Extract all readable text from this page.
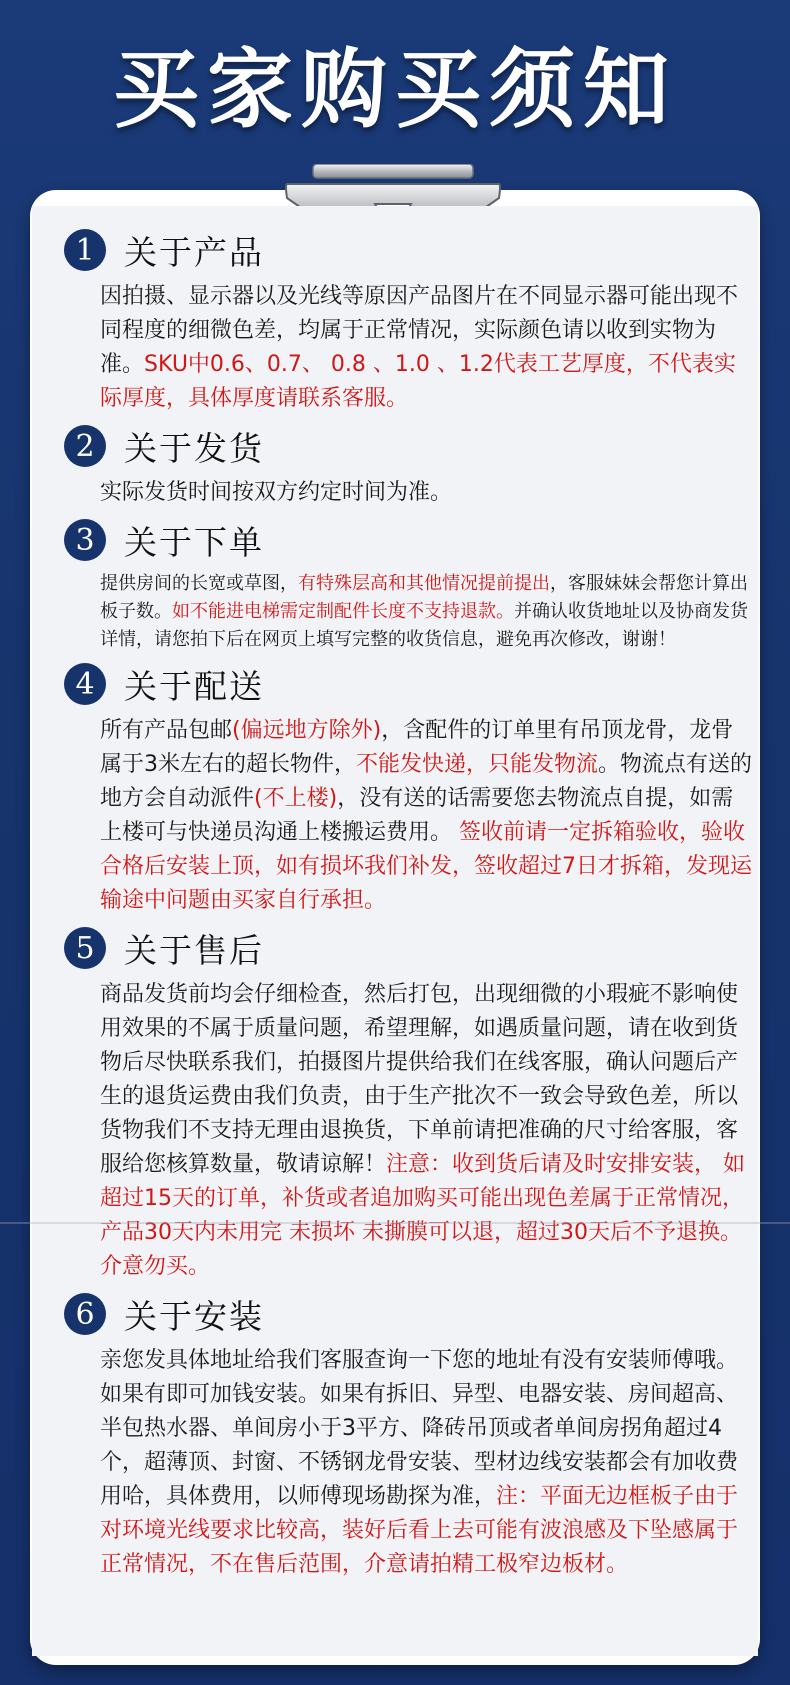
买家购买须知
1 关于产品
因拍摄、显示器以及光线等原因产品图片在不同显示器可能出现不同程度的细微色差，均属于正常情况，实际颜色请以收到实物为准。SKU中0.6、0.7、 0.8 、1.0 、1.2代表工艺厚度，不代表实际厚度，具体厚度请联系客服。
2 关于发货
实际发货时间按双方约定时间为准。
3 关于下单
提供房间的长宽或草图，有特殊层高和其他情况提前提出，客服妹妹会帮您计算出板子数。如不能进电梯需定制配件长度不支持退款。并确认收货地址以及协商发货详情，请您拍下后在网页上填写完整的收货信息，避免再次修改，谢谢！
4 关于配送
所有产品包邮(偏远地方除外)，含配件的订单里有吊顶龙骨，龙骨属于3米左右的超长物件，不能发快递，只能发物流。物流点有送的地方会自动派件(不上楼)，没有送的话需要您去物流点自提，如需上楼可与快递员沟通上楼搬运费用。 签收前请一定拆箱验收，验收合格后安装上顶，如有损坏我们补发，签收超过7日才拆箱，发现运输途中问题由买家自行承担。
5 关于售后
商品发货前均会仔细检查，然后打包，出现细微的小瑕疵不影响使用效果的不属于质量问题，希望理解，如遇质量问题，请在收到货物后尽快联系我们，拍摄图片提供给我们在线客服，确认问题后产生的退货运费由我们负责，由于生产批次不一致会导致色差，所以货物我们不支持无理由退换货，下单前请把准确的尺寸给客服，客服给您核算数量，敬请谅解！注意：收到货后请及时安排安装， 如超过15天的订单，补货或者追加购买可能出现色差属于正常情况，产品30天内未用完 未损坏 未撕膜可以退，超过30天后不予退换。介意勿买。
6 关于安装
亲您发具体地址给我们客服查询一下您的地址有没有安装师傅哦。如果有即可加钱安装。如果有拆旧、异型、电器安装、房间超高、半包热水器、单间房小于3平方、降砖吊顶或者单间房拐角超过4个，超薄顶、封窗、不锈钢龙骨安装、型材边线安装都会有加收费用哈，具体费用，以师傅现场勘探为准，注：平面无边框板子由于对环境光线要求比较高，装好后看上去可能有波浪感及下坠感属于正常情况，不在售后范围，介意请拍精工极窄边板材。
